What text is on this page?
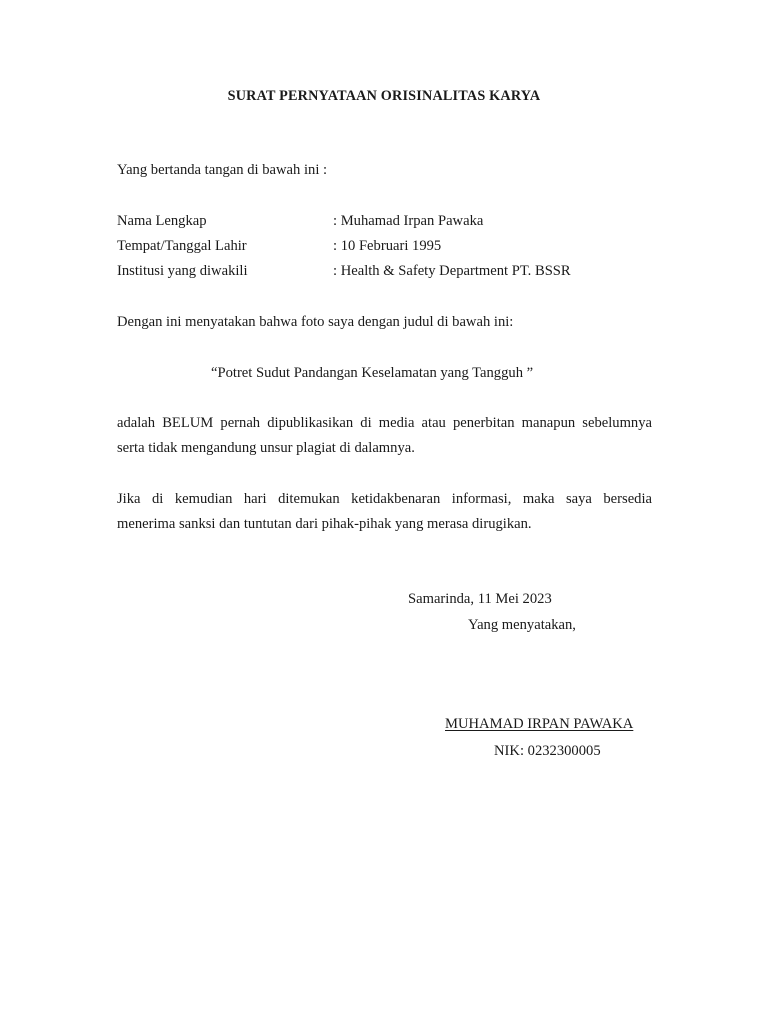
SURAT PERNYATAAN ORISINALITAS KARYA
Yang bertanda tangan di bawah ini :
Nama Lengkap	: Muhamad Irpan Pawaka
Tempat/Tanggal Lahir	: 10 Februari 1995
Institusi yang diwakili	: Health & Safety Department PT. BSSR
Dengan ini menyatakan bahwa foto saya dengan judul di bawah ini:
“Potret Sudut Pandangan Keselamatan yang Tangguh ”
adalah BELUM pernah dipublikasikan di media atau penerbitan manapun sebelumnya
serta tidak mengandung unsur plagiat di dalamnya.
Jika di kemudian hari ditemukan ketidakbenaran informasi, maka saya bersedia
menerima sanksi dan tuntutan dari pihak-pihak yang merasa dirugikan.
Samarinda, 11 Mei 2023
Yang menyatakan,
MUHAMAD IRPAN PAWAKA
NIK: 0232300005
